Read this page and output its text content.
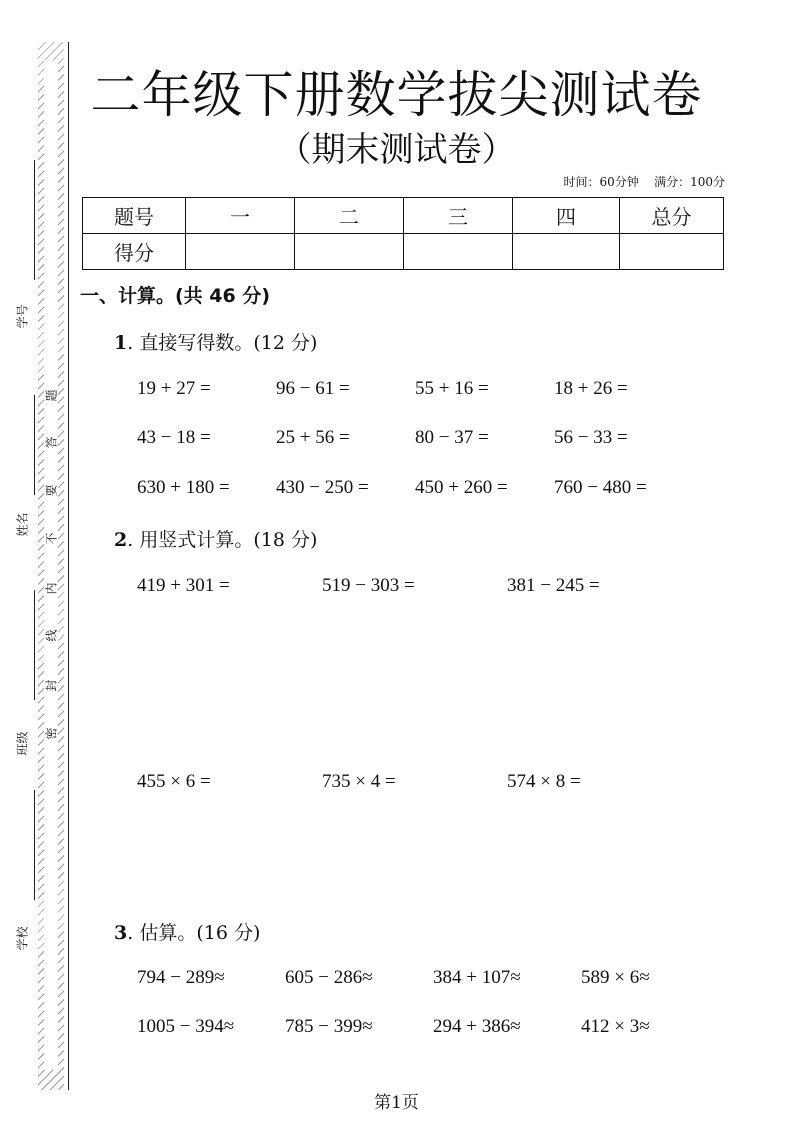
题
答
要
不
内
线
封
密
学号
姓名
班级
学校
二年级下册数学拔尖测试卷
（期末测试卷）
时间：60分钟 满分：100分
题号	一	二	三	四	总分
得分					
一、计算。(共 46 分)
1. 直接写得数。(12 分)
19 + 27 =	96 − 61 =	55 + 16 =	18 + 26 =
43 − 18 =	25 + 56 =	80 − 37 =	56 − 33 =
630 + 180 = 430 − 250 = 450 + 260 = 760 − 480 =
2. 用竖式计算。(18 分)
419 + 301 =	519 − 303 =	381 − 245 =
455 × 6 =	735 × 4 =	574 × 8 =
3. 估算。(16 分)
794 − 289≈	605 − 286≈	384 + 107≈	589 × 6≈
1005 − 394≈	785 − 399≈	294 + 386≈	412 × 3≈
第1页
